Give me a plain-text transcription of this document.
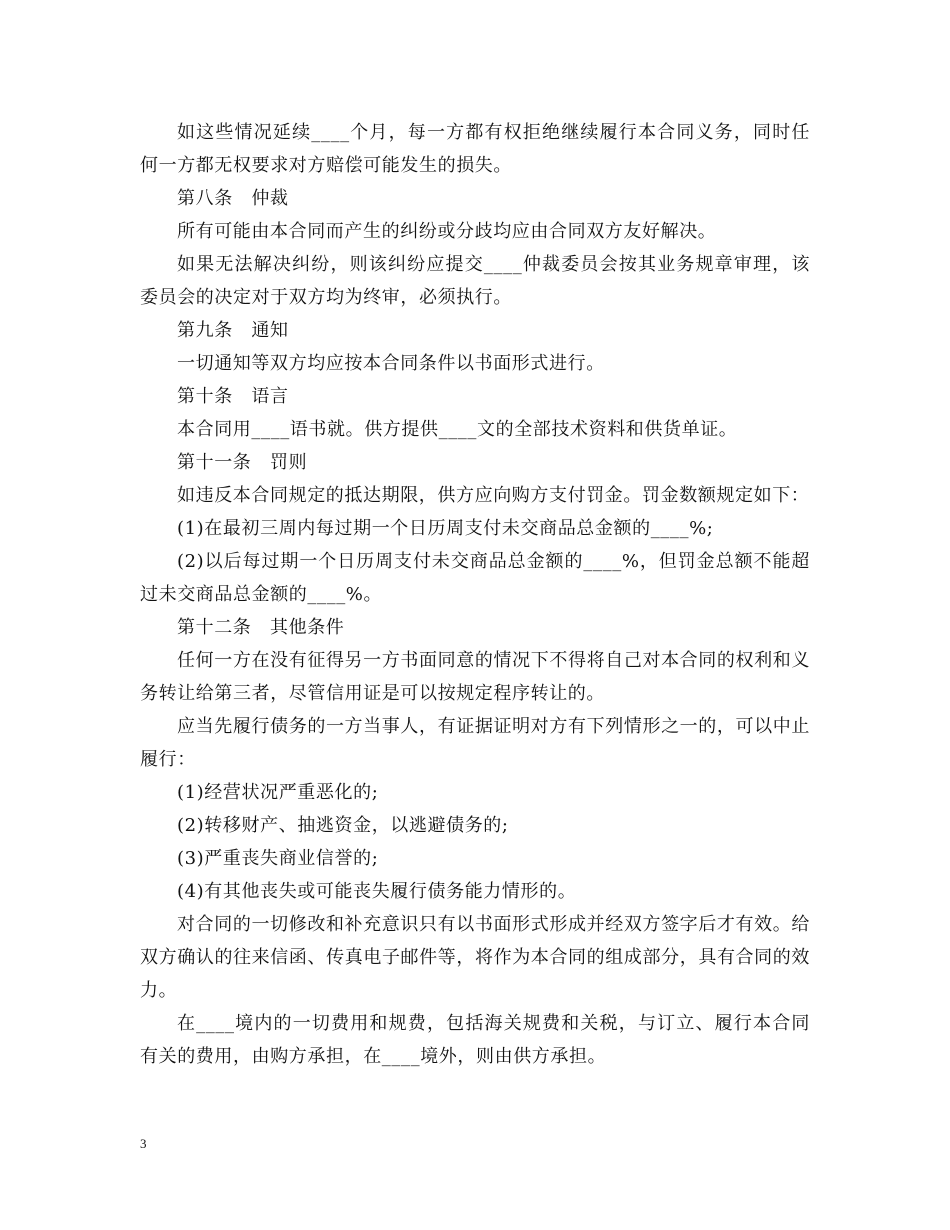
如这些情况延续____个月，每一方都有权拒绝继续履行本合同义务，同时任何一方都无权要求对方赔偿可能发生的损失。

第八条　仲裁

所有可能由本合同而产生的纠纷或分歧均应由合同双方友好解决。

如果无法解决纠纷，则该纠纷应提交____仲裁委员会按其业务规章审理，该委员会的决定对于双方均为终审，必须执行。

第九条　通知

一切通知等双方均应按本合同条件以书面形式进行。

第十条　语言

本合同用____语书就。供方提供____文的全部技术资料和供货单证。

第十一条　罚则

如违反本合同规定的抵达期限，供方应向购方支付罚金。罚金数额规定如下：

(1)在最初三周内每过期一个日历周支付未交商品总金额的____%;

(2)以后每过期一个日历周支付未交商品总金额的____%，但罚金总额不能超过未交商品总金额的____%。

第十二条　其他条件

任何一方在没有征得另一方书面同意的情况下不得将自己对本合同的权利和义务转让给第三者，尽管信用证是可以按规定程序转让的。

应当先履行债务的一方当事人，有证据证明对方有下列情形之一的，可以中止履行：

(1)经营状况严重恶化的;

(2)转移财产、抽逃资金，以逃避债务的;

(3)严重丧失商业信誉的;

(4)有其他丧失或可能丧失履行债务能力情形的。

对合同的一切修改和补充意识只有以书面形式形成并经双方签字后才有效。给双方确认的往来信函、传真电子邮件等，将作为本合同的组成部分，具有合同的效力。

在____境内的一切费用和规费，包括海关规费和关税，与订立、履行本合同有关的费用，由购方承担，在____境外，则由供方承担。

3
